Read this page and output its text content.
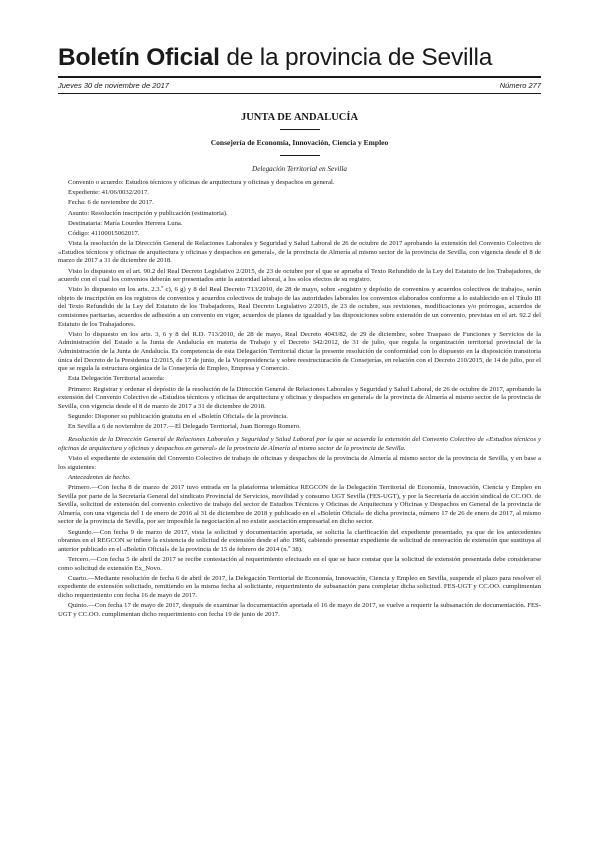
Boletín Oficial de la provincia de Sevilla
Jueves 30 de noviembre de 2017	Número 277
JUNTA DE ANDALUCÍA
Consejería de Economía, Innovación, Ciencia y Empleo
Delegación Territorial en Sevilla

Convenio o acuerdo: Estudios técnicos y oficinas de arquitectura y oficinas y despachos en general.

Expediente: 41/06/0032/2017.

Fecha: 6 de noviembre de 2017.

Asunto: Resolución inscripción y publicación (estimatoria).

Destinataria: María Lourdes Herrera Luna.

Código: 41100015062017.

Vista la resolución de la Dirección General de Relaciones Laborales y Seguridad y Salud Laboral de 26 de octubre de 2017 aprobando la extensión del Convenio Colectivo de «Estudios técnicos y oficinas de arquitectura y oficinas y despachos en general», de la provincia de Almería al mismo sector de la provincia de Sevilla, con vigencia desde el 8 de marzo de 2017 a 31 de diciembre de 2018.

Visto lo dispuesto en el art. 90.2 del Real Decreto Legislativo 2/2015, de 23 de octubre por el que se aprueba el Texto Refundido de la Ley del Estatuto de los Trabajadores, de acuerdo con el cual los convenios deberán ser presentados ante la autoridad laboral, a los solos efectos de su registro.

Visto lo dispuesto en los arts. 2.3.º c), 6 g) y 8 del Real Decreto 713/2010, de 28 de mayo, sobre «registro y depósito de convenios y acuerdos colectivos de trabajo», serán objeto de inscripción en los registros de convenios y acuerdos colectivos de trabajo de las autoridades laborales los convenios elaborados conforme a lo establecido en el Título III del Texto Refundido de la Ley del Estatuto de los Trabajadores, Real Decreto Legislativo 2/2015, de 23 de octubre, sus revisiones, modificaciones y/o prórrogas, acuerdos de comisiones paritarias, acuerdos de adhesión a un convenio en vigor, acuerdos de planes de igualdad y las disposiciones sobre extensión de un convenio, previstas en el art. 92.2 del Estatuto de los Trabajadores.

Visto lo dispuesto en los arts. 3, 6 y 8 del R.D. 713/2010, de 28 de mayo, Real Decreto 4043/82, de 29 de diciembre, sobre Traspaso de Funciones y Servicios de la Administración del Estado a la Junta de Andalucía en materia de Trabajo y el Decreto 342/2012, de 31 de julio, que regula la organización territorial provincial de la Administración de la Junta de Andalucía. Es competencia de esta Delegación Territorial dictar la presente resolución de conformidad con lo dispuesto en la disposición transitoria única del Decreto de la Presidenta 12/2015, de 17 de junio, de la Vicepresidencia y sobre reestructuración de Consejerías, en relación con el Decreto 210/2015, de 14 de julio, por el que se regula la estructura orgánica de la Consejería de Empleo, Empresa y Comercio.

Esta Delegación Territorial acuerda:

Primero: Registrar y ordenar el depósito de la resolución de la Dirección General de Relaciones Laborales y Seguridad y Salud Laboral, de 26 de octubre de 2017, aprobando la extensión del Convenio Colectivo de «Estudios técnicos y oficinas de arquitectura y oficinas y despachos en general» de la provincia de Almería al mismo sector de la provincia de Sevilla, con vigencia desde el 8 de marzo de 2017 a 31 de diciembre de 2018.

Segundo: Disponer su publicación gratuita en el «Boletín Oficial» de la provincia.

En Sevilla a 6 de noviembre de 2017.—El Delegado Territorial, Juan Borrego Romero.

Resolución de la Dirección General de Relaciones Laborales y Seguridad y Salud Laboral por la que se acuerda la extensión del Convenio Colectivo de «Estudios técnicos y oficinas de arquitectura y oficinas y despachos en general» de la provincia de Almería al mismo sector de la provincia de Sevilla.

Visto el expediente de extensión del Convenio Colectivo de trabajo de oficinas y despachos de la provincia de Almería al mismo sector de la provincia de Sevilla, y en base a los siguientes:

Antecedentes de hecho.

Primero.—Con fecha 8 de marzo de 2017 tuvo entrada en la plataforma telemática REGCON de la Delegación Territorial de Economía, Innovación, Ciencia y Empleo en Sevilla por parte de la Secretaría General del sindicato Provincial de Servicios, movilidad y consumo UGT Sevilla (FES-UGT), y por la Secretaría de acción sindical de CC.OO. de Sevilla, solicitud de extensión del convenio colectivo de trabajo del sector de Estudios Técnicos y Oficinas de Arquitectura y Oficinas y Despachos en General de la provincia de Almería, con una vigencia del 1 de enero de 2016 al 31 de diciembre de 2018 y publicado en el «Boletín Oficial» de dicha provincia, número 17 de 26 de enero de 2017, al mismo sector de la provincia de Sevilla, por ser imposible la negociación al no existir asociación empresarial en dicho sector.

Segundo.—Con fecha 9 de marzo de 2017, vista la solicitud y documentación aportada, se solicita la clarificación del expediente presentado, ya que de los antecedentes obrantes en el REGCON se infiere la existencia de solicitud de extensión desde el año 1986, cabiendo presentar expediente de solicitud de renovación de extensión que sustituya al anterior publicado en el «Boletín Oficial» de la provincia de 15 de febrero de 2014 (n.º 38).

Tercero.—Con fecha 5 de abril de 2017 se recibe contestación al requerimiento efectuado en el que se hace constar que la solicitud de extensión presentada debe considerarse como solicitud de extensión Ex_Novo.

Cuarto.—Mediante resolución de fecha 6 de abril de 2017, la Delegación Territorial de Economía, Innovación, Ciencia y Empleo en Sevilla, suspende el plazo para resolver el expediente de extensión solicitado, remitiendo en la misma fecha al solicitante, requerimiento de subsanación para completar dicha solicitud. FES-UGT y CC.OO. cumplimentan dicho requerimiento con fecha 16 de mayo de 2017.

Quinto.—Con fecha 17 de mayo de 2017, después de examinar la documentación aportada el 16 de mayo de 2017, se vuelve a requerir la subsanación de documentación. FES-UGT y CC.OO. cumplimentan dicho requerimiento con fecha 19 de junio de 2017.
